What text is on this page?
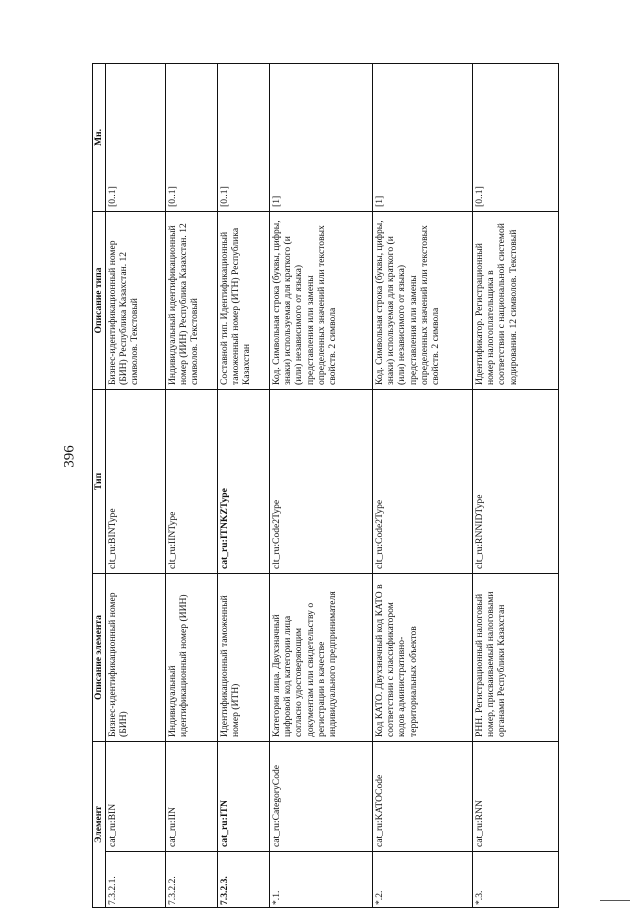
396
Элемент		Описание элемента	Тип	Описание типа	Мн.
7.3.2.1.	cat_ru:BIN	Бизнес-идентификационный номер (БИН)	clt_ru:BINType	Бизнес-идентификационный номер (БИН) Республика Казахстан. 12 символов. Текстовый	[0..1]
7.3.2.2.	cat_ru:IIN	Индивидуальный идентификационный номер (ИИН)	clt_ru:IINType	Индивидуальный идентификационный номер (ИИН) Республика Казахстан. 12 символов. Текстовый	[0..1]
7.3.2.3.	cat_ru:ITN	Идентификационный таможенный номер (ИТН)	cat_ru:ITNKZType	Составной тип. Идентификационный таможенный номер (ИТН) Республика Казахстан	[0..1]
*.1.	cat_ru:CategoryCode	Категория лица. Двухзначный цифровой код категории лица согласно удостоверяющим документам или свидетельству о регистрации в качестве индивидуального предпринимателя	clt_ru:Code2Type	Код. Символьная строка (буквы, цифры, знаки) используемая для краткого (и (или) независимого от языка) представления или замены определенных значений или текстовых свойств. 2 символа	[1]
*.2.	cat_ru:KATOCode	Код КАТО. Двухзначный код КАТО в соответствии с классификатором кодов административно-территориальных объектов	clt_ru:Code2Type	Код. Символьная строка (буквы, цифры, знаки) используемая для краткого (и (или) независимого от языка) представления или замены определенных значений или текстовых свойств. 2 символа	[1]
*.3.	cat_ru:RNN	РНН. Регистрационный налоговый номер, присваиваемый налоговыми органами Республики Казахстан	clt_ru:RNNIDType	Идентификатор. Регистрационный номер налогоплательщика в соответствии с национальной системой кодирования. 12 символов. Текстовый	[0..1]
